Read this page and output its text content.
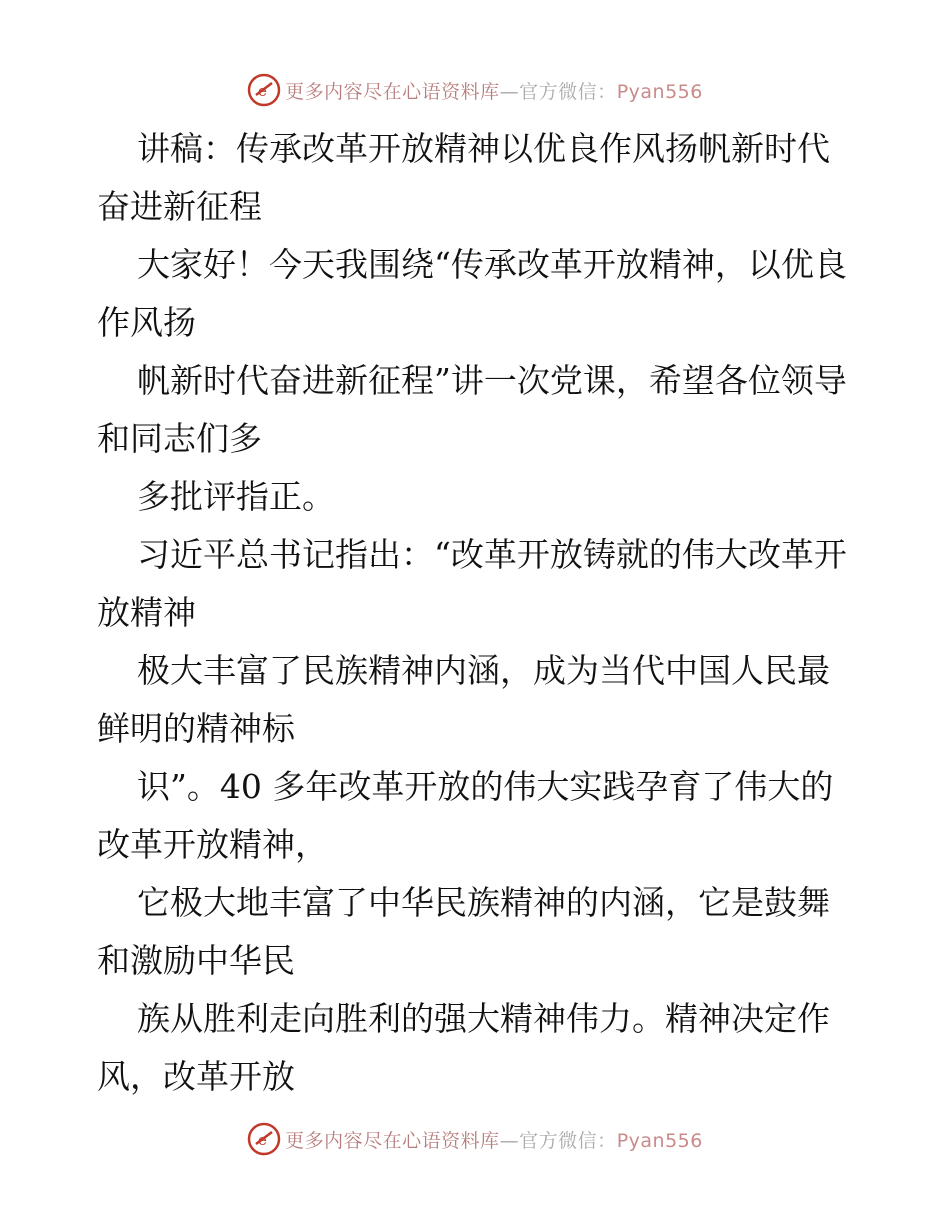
e 更多内容尽在心语资料库—官方微信：Pyan556

讲稿：传承改革开放精神以优良作风扬帆新时代奋进新征程

大家好！今天我围绕“传承改革开放精神，以优良作风扬

帆新时代奋进新征程”讲一次党课，希望各位领导和同志们多

多批评指正。

习近平总书记指出：“改革开放铸就的伟大改革开放精神

极大丰富了民族精神内涵，成为当代中国人民最鲜明的精神标

识”。40 多年改革开放的伟大实践孕育了伟大的改革开放精神，

它极大地丰富了中华民族精神的内涵，它是鼓舞和激励中华民

族从胜利走向胜利的强大精神伟力。精神决定作风，改革开放

e 更多内容尽在心语资料库—官方微信：Pyan556
